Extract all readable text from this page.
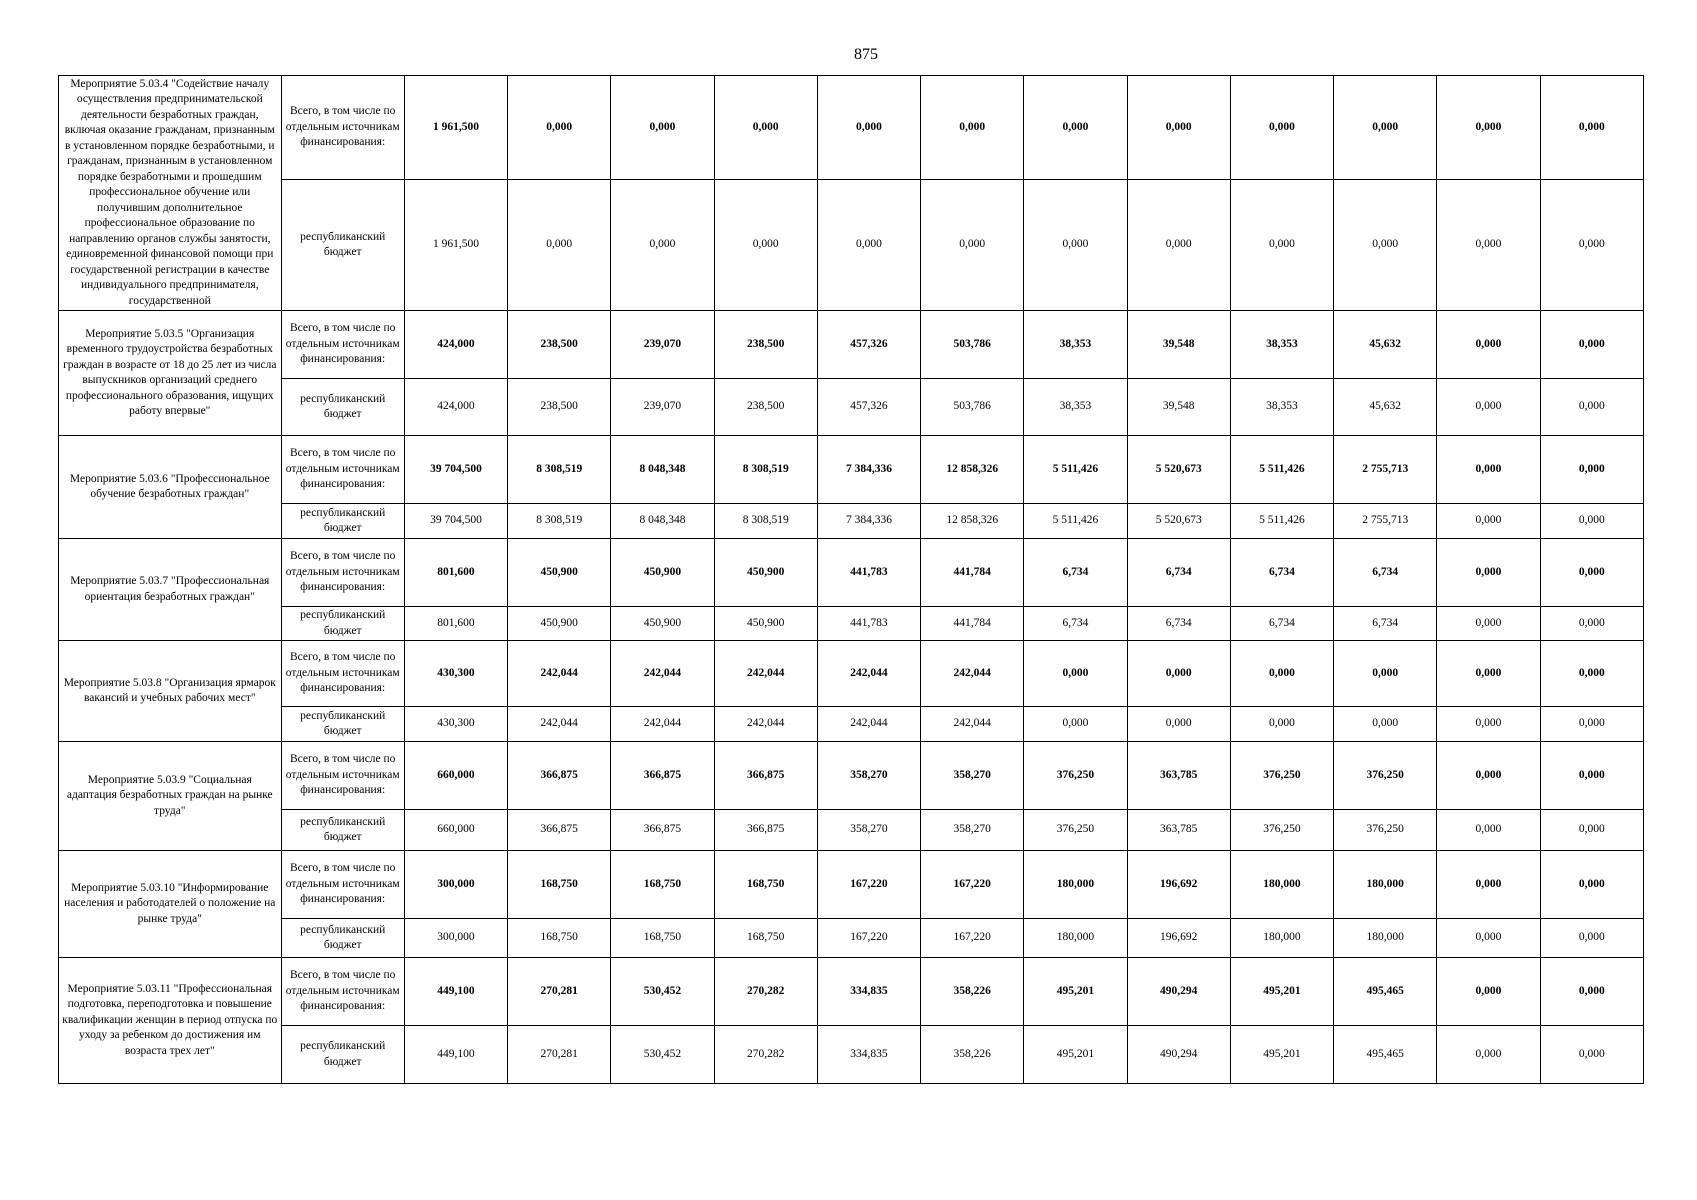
875
Мероприятие 5.03.4 "Содействие началу осуществления предпринимательской деятельности безработных граждан, включая оказание гражданам, признанным в установленном порядке безработными, и гражданам, признанным в установленном порядке безработными и прошедшим профессиональное обучение или получившим дополнительное профессиональное образование по направлению органов службы занятости, единовременной финансовой помощи при государственной регистрации в качестве индивидуального предпринимателя, государственной	Всего, в том числе по отдельным источникам финансирования:	1 961,500	0,000	0,000	0,000	0,000	0,000	0,000	0,000	0,000	0,000	0,000	0,000
	республиканский бюджет	1 961,500	0,000	0,000	0,000	0,000	0,000	0,000	0,000	0,000	0,000	0,000	0,000

Мероприятие 5.03.5 "Организация временного трудоустройства безработных граждан в возрасте от 18 до 25 лет из числа выпускников организаций среднего профессионального образования, ищущих работу впервые"	Всего, в том числе по отдельным источникам финансирования:	424,000	238,500	239,070	238,500	457,326	503,786	38,353	39,548	38,353	45,632	0,000	0,000
	республиканский бюджет	424,000	238,500	239,070	238,500	457,326	503,786	38,353	39,548	38,353	45,632	0,000	0,000

Мероприятие 5.03.6 "Профессиональное обучение безработных граждан"	Всего, в том числе по отдельным источникам финансирования:	39 704,500	8 308,519	8 048,348	8 308,519	7 384,336	12 858,326	5 511,426	5 520,673	5 511,426	2 755,713	0,000	0,000
	республиканский бюджет	39 704,500	8 308,519	8 048,348	8 308,519	7 384,336	12 858,326	5 511,426	5 520,673	5 511,426	2 755,713	0,000	0,000

Мероприятие 5.03.7 "Профессиональная ориентация безработных граждан"	Всего, в том числе по отдельным источникам финансирования:	801,600	450,900	450,900	450,900	441,783	441,784	6,734	6,734	6,734	6,734	0,000	0,000
	республиканский бюджет	801,600	450,900	450,900	450,900	441,783	441,784	6,734	6,734	6,734	6,734	0,000	0,000

Мероприятие 5.03.8 "Организация ярмарок вакансий и учебных рабочих мест"	Всего, в том числе по отдельным источникам финансирования:	430,300	242,044	242,044	242,044	242,044	242,044	0,000	0,000	0,000	0,000	0,000	0,000
	республиканский бюджет	430,300	242,044	242,044	242,044	242,044	242,044	0,000	0,000	0,000	0,000	0,000	0,000

Мероприятие 5.03.9 "Социальная адаптация безработных граждан на рынке труда"	Всего, в том числе по отдельным источникам финансирования:	660,000	366,875	366,875	366,875	358,270	358,270	376,250	363,785	376,250	376,250	0,000	0,000
	республиканский бюджет	660,000	366,875	366,875	366,875	358,270	358,270	376,250	363,785	376,250	376,250	0,000	0,000

Мероприятие 5.03.10 "Информирование населения и работодателей о положение на рынке труда"	Всего, в том числе по отдельным источникам финансирования:	300,000	168,750	168,750	168,750	167,220	167,220	180,000	196,692	180,000	180,000	0,000	0,000
	республиканский бюджет	300,000	168,750	168,750	168,750	167,220	167,220	180,000	196,692	180,000	180,000	0,000	0,000

Мероприятие 5.03.11 "Профессиональная подготовка, переподготовка и повышение квалификации женщин в период отпуска по уходу за ребенком до достижения им возраста трех лет"	Всего, в том числе по отдельным источникам финансирования:	449,100	270,281	530,452	270,282	334,835	358,226	495,201	490,294	495,201	495,465	0,000	0,000
	республиканский бюджет	449,100	270,281	530,452	270,282	334,835	358,226	495,201	490,294	495,201	495,465	0,000	0,000
